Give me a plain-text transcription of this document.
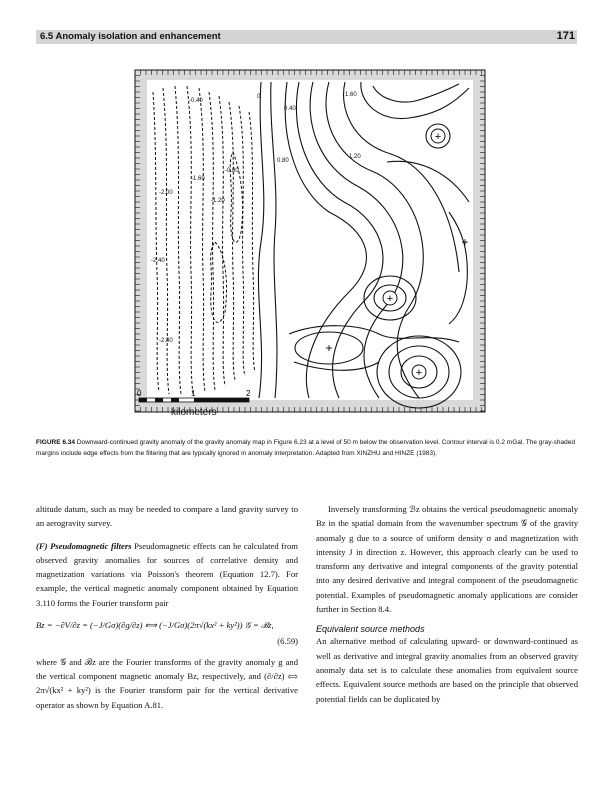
6.5 Anomaly isolation and enhancement	171
+
+
+
+
+
0
0.40
0.80
1.20
1.60
-0.40
-0.80
-1.20
-1.60
-2.00
-2.40
-2.80
0	1	2
kilometers
FIGURE 6.34 Downward-continued gravity anomaly of the gravity anomaly map in Figure 6.23 at a level of 50 m below the observation level. Contour interval is 0.2 mGal. The gray-shaded margins include edge effects from the filtering that are typically ignored in anomaly interpretation. Adapted from XINZHU and HINZE (1983).

altitude datum, such as may be needed to compare a land gravity survey to an aerogravity survey.

(F) Pseudomagnetic filters Pseudomagnetic effects can be calculated from observed gravity anomalies for sources of correlative density and magnetization variations via Poisson's theorem (Equation 12.7). For example, the vertical magnetic anomaly component obtained by Equation 3.110 forms the Fourier transform pair

Bz = −∂V/∂z = (−J/Gσ)(∂g/∂z) ⟺ (−J/Gσ)(2π√(kx² + ky²)) 𝒢 = ℬz,
(6.59)

where 𝒢 and ℬz are the Fourier transforms of the gravity anomaly g and the vertical component magnetic anomaly Bz, respectively, and (∂/∂z) ⟺ 2π√(kx² + ky²) is the Fourier transform pair for the vertical derivative operator as shown by Equation A.81.

Inversely transforming ℬz obtains the vertical pseudomagnetic anomaly Bz in the spatial domain from the wavenumber spectrum 𝒢 of the gravity anomaly g due to a source of uniform density σ and magnetization with intensity J in direction z. However, this approach clearly can be used to transform any derivative and integral components of the gravity potential into any desired derivative and integral component of the pseudomagnetic potential. Examples of pseudomagnetic anomaly applications are consider further in Section 8.4.

Equivalent source methods

An alternative method of calculating upward- or downward-continued as well as derivative and integral gravity anomalies from an observed gravity anomaly data set is to calculate these anomalies from equivalent source effects. Equivalent source methods are based on the principle that observed potential fields can be duplicated by
